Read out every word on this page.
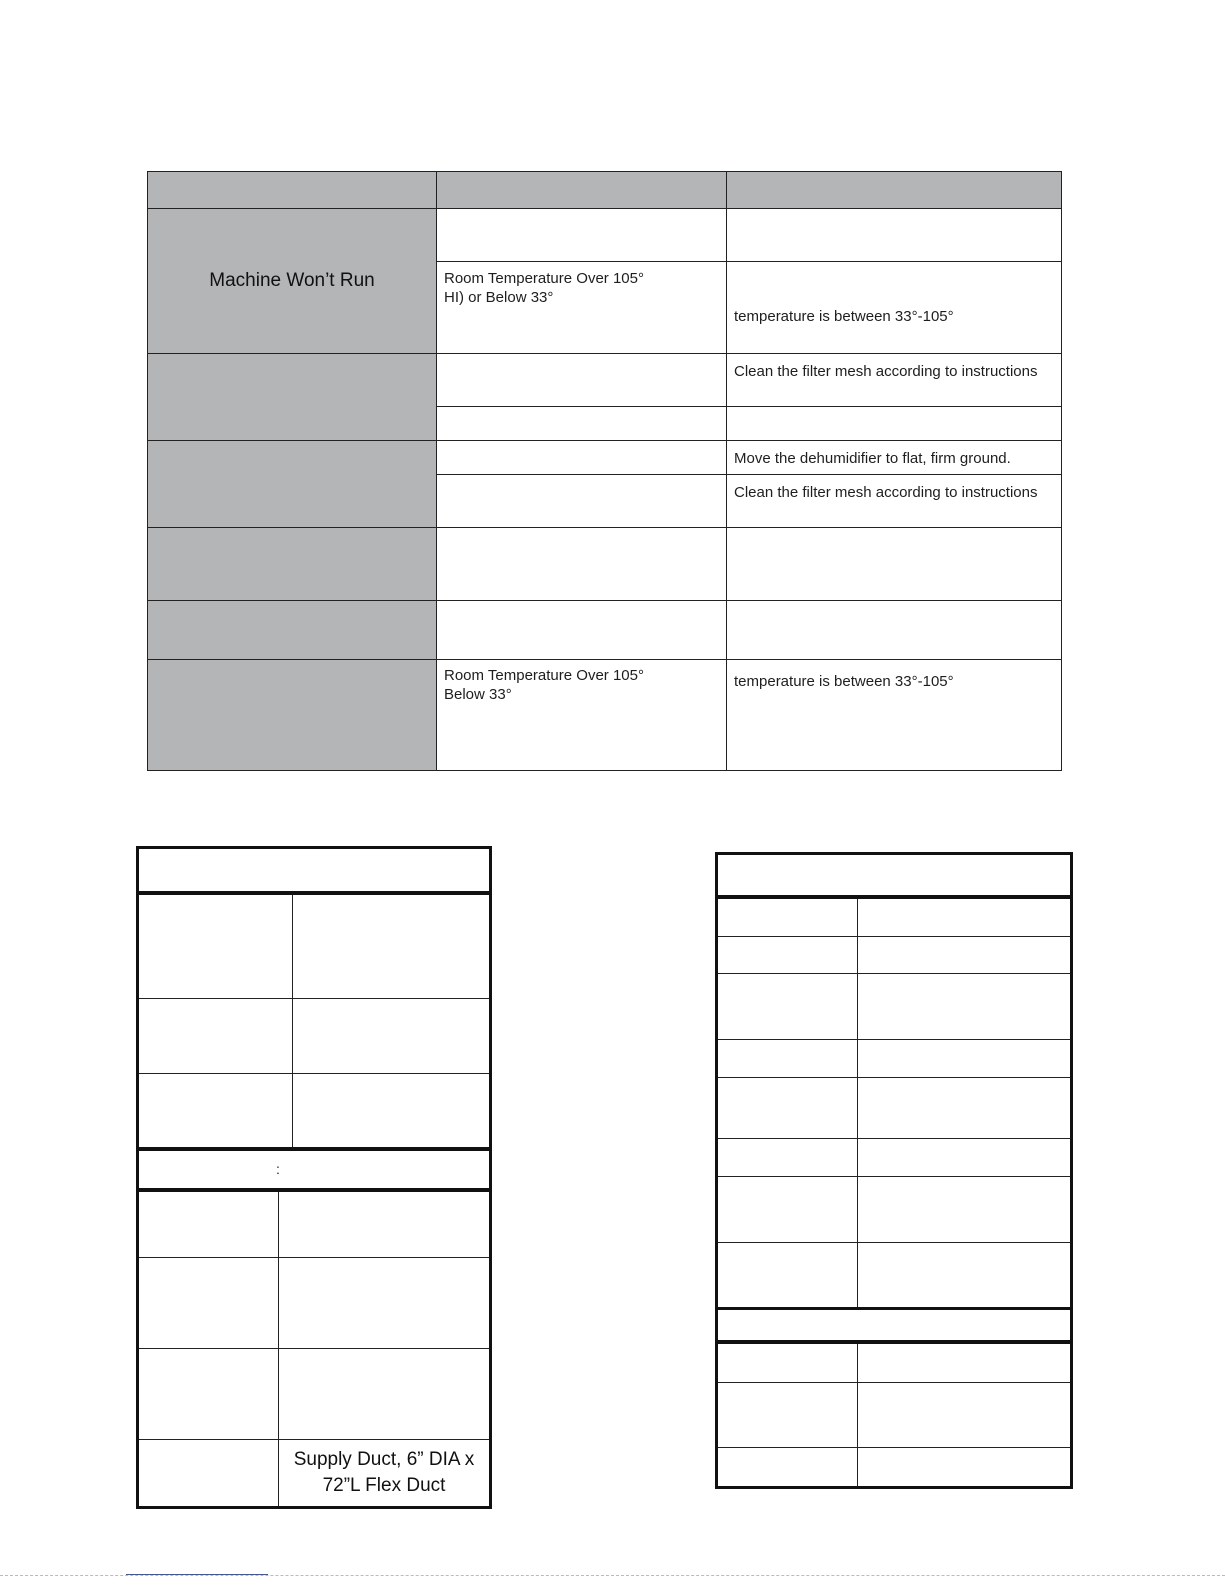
Machine Won’t Run	Room Temperature Over 105°
HI) or Below 33°
Room Temperature Over 105°
Below 33°
temperature is between 33°-105°
Clean the filter mesh according to instructions
Move the dehumidifier to flat, firm ground.
Clean the filter mesh according to instructions
temperature is between 33°-105°
:
Supply Duct, 6” DIA x
72”L Flex Duct
